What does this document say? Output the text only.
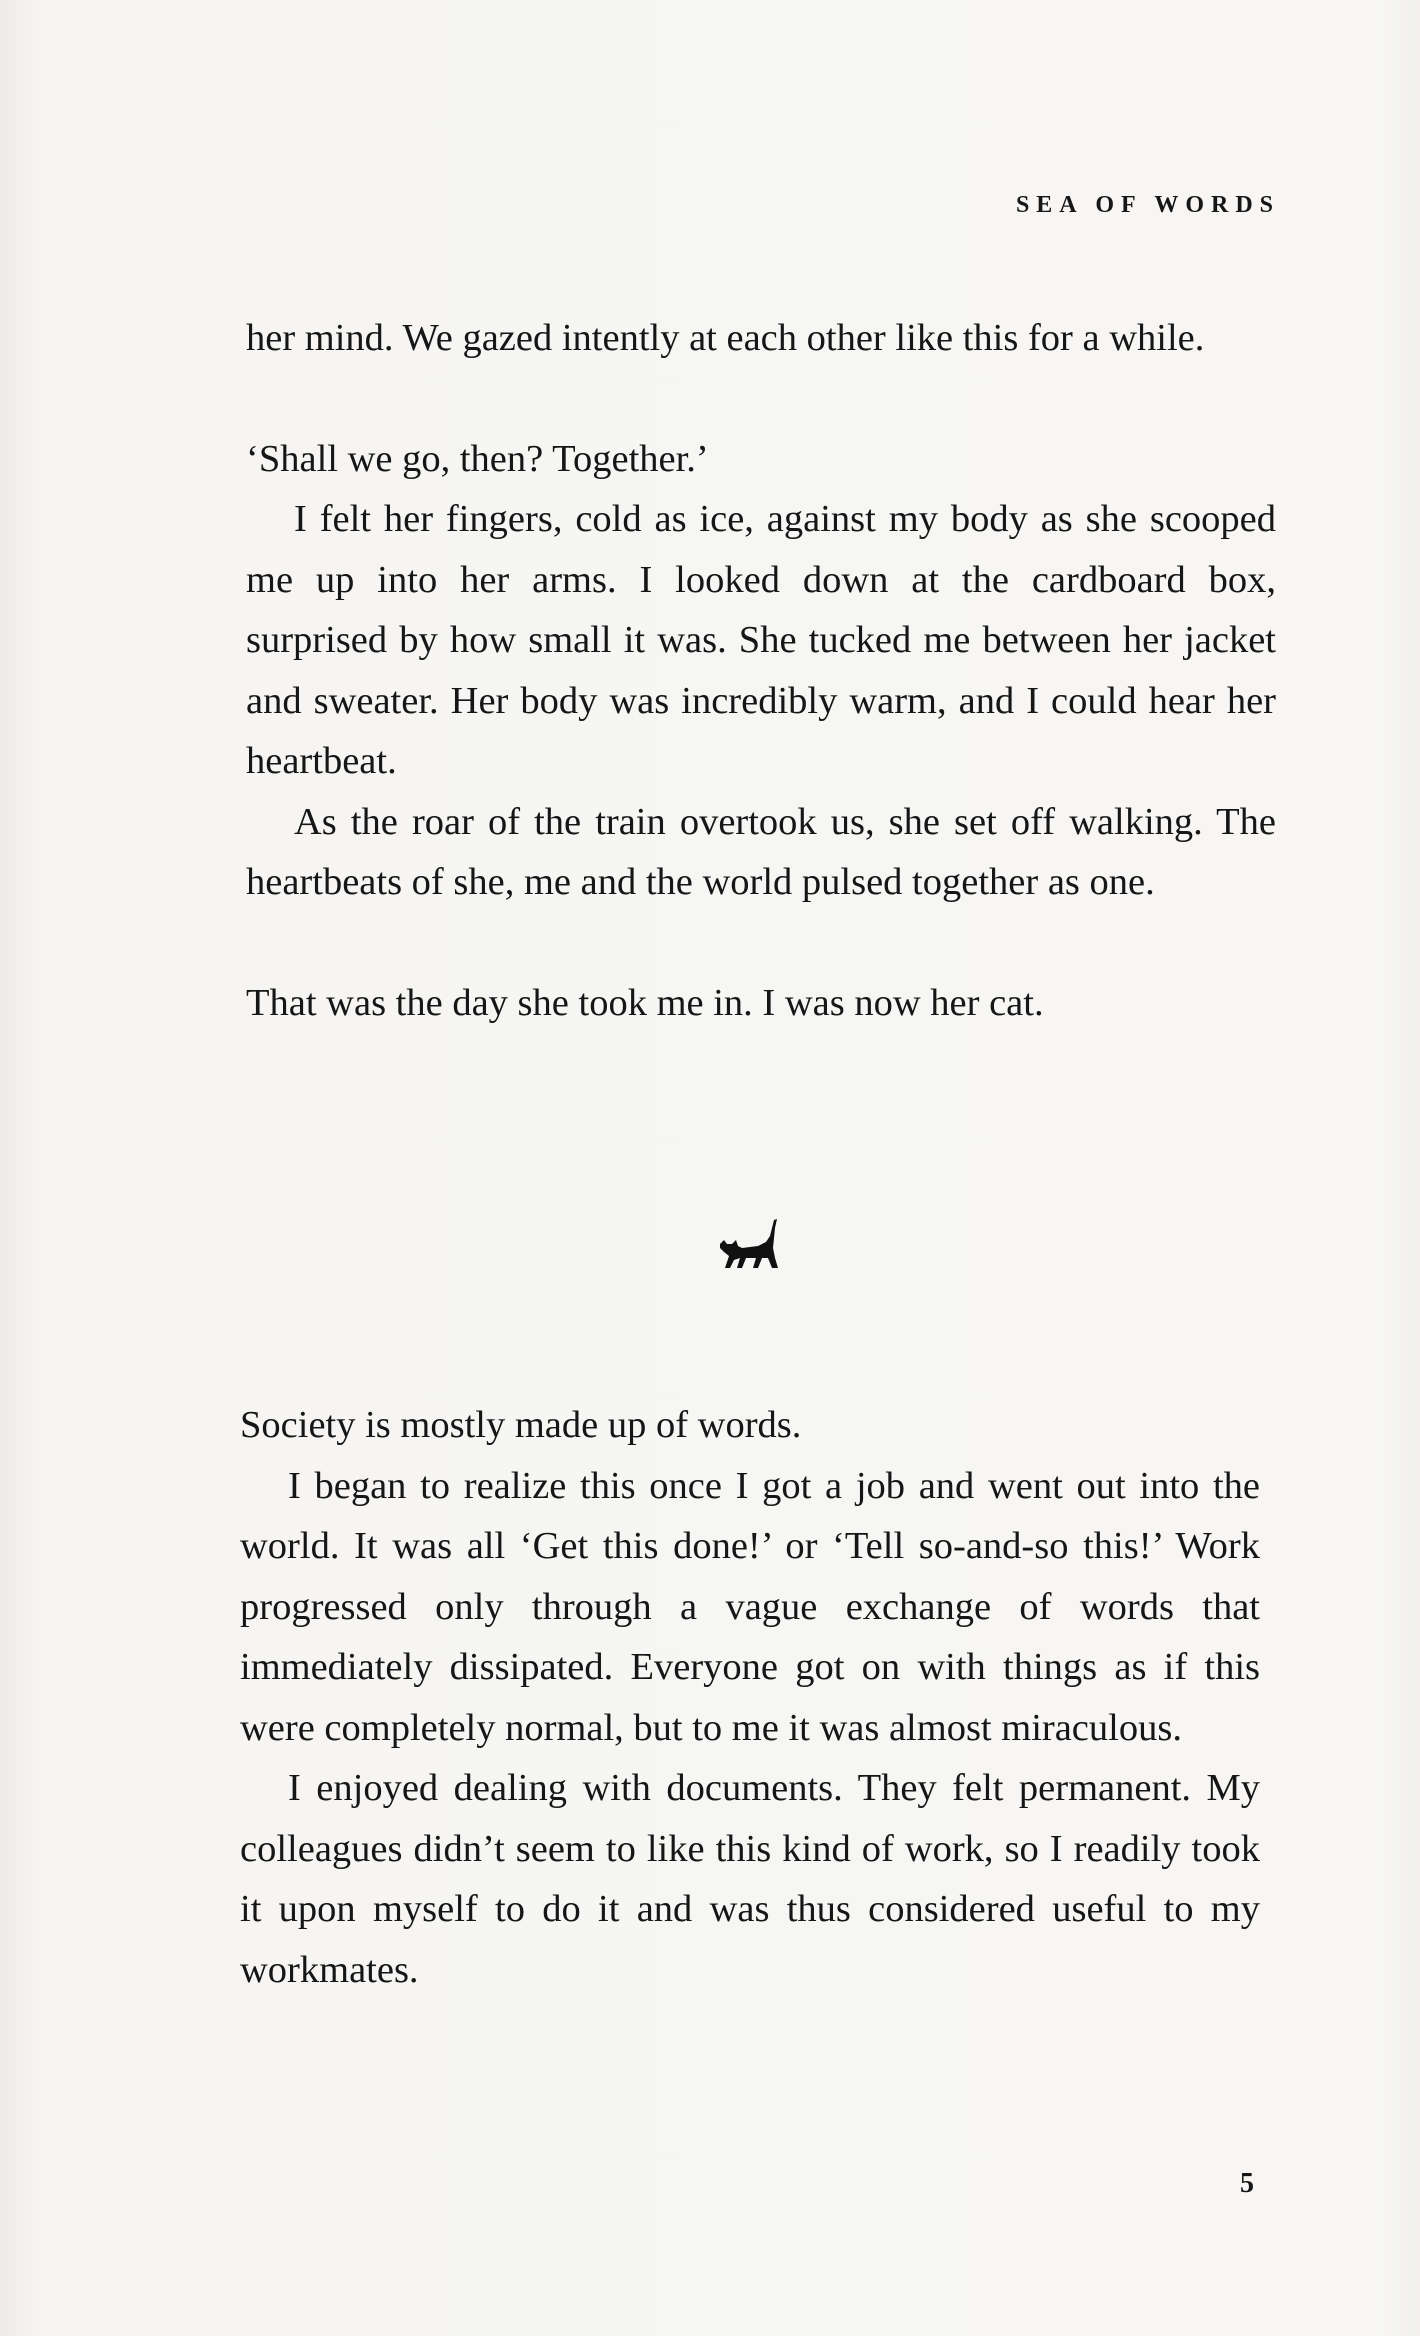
SEA OF WORDS

her mind. We gazed intently at each other like this for a while.

‘Shall we go, then? Together.’

I felt her fingers, cold as ice, against my body as she scooped me up into her arms. I looked down at the cardboard box, surprised by how small it was. She tucked me between her jacket and sweater. Her body was incredibly warm, and I could hear her heartbeat.

As the roar of the train overtook us, she set off walking. The heartbeats of she, me and the world pulsed together as one.

That was the day she took me in. I was now her cat.

Society is mostly made up of words.

I began to realize this once I got a job and went out into the world. It was all ‘Get this done!’ or ‘Tell so-and-so this!’ Work progressed only through a vague exchange of words that immediately dissipated. Everyone got on with things as if this were completely normal, but to me it was almost miraculous.

I enjoyed dealing with documents. They felt permanent. My colleagues didn’t seem to like this kind of work, so I readily took it upon myself to do it and was thus considered useful to my workmates.

5
